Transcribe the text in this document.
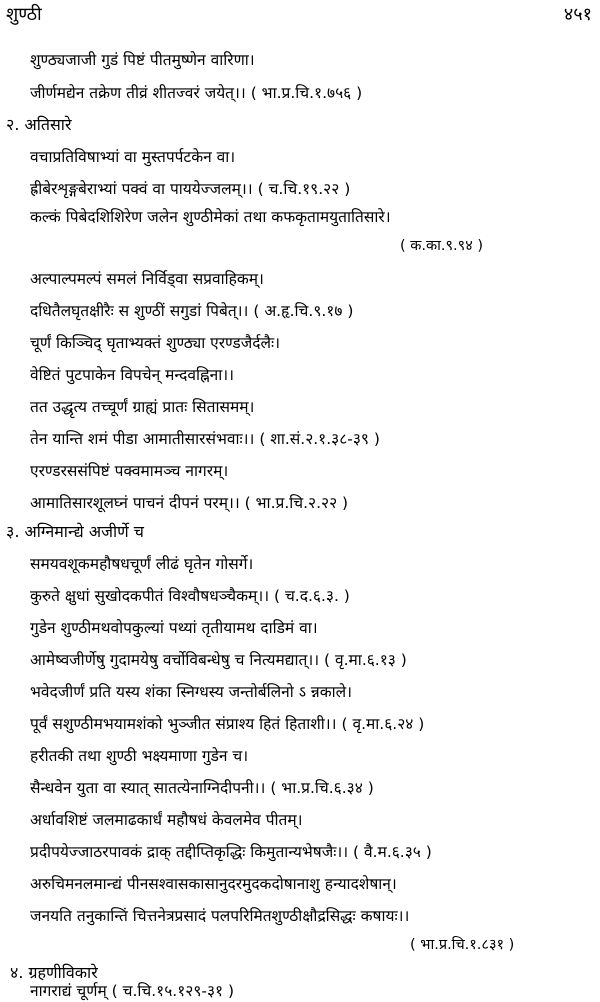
शुण्ठी	४५१
शुण्ठ्यजाजी गुडं पिष्टं पीतमुष्णेन वारिणा।
जीर्णमद्येन तक्रेण तीव्रं शीतज्वरं जयेत्।। ( भा.प्र.चि.१.७५६ )
२. अतिसारे
वचाप्रतिविषाभ्यां वा मुस्तपर्पटकेन वा।
ह्रीबेरशृङ्गबेराभ्यां पक्वं वा पाययेज्जलम्।। ( च.चि.१९.२२ )
कल्कं पिबेदशिशिरेण जलेन शुण्ठीमेकां तथा कफकृतामयुतातिसारे।
( क.का.९.९४ )
अल्पाल्पमल्पं समलं निर्विड्वा सप्रवाहिकम्।
दधितैलघृतक्षीरैः स शुण्ठीं सगुडां पिबेत्।। ( अ.हृ.चि.९.१७ )
चूर्णं किञ्चिद् घृताभ्यक्तं शुण्ठ्या एरण्डजैर्दलैः।
वेष्टितं पुटपाकेन विपचेन् मन्दवह्निना।।
तत उद्धृत्य तच्चूर्णं ग्राह्यं प्रातः सितासमम्।
तेन यान्ति शमं पीडा आमातीसारसंभवाः।। ( शा.सं.२.१.३८-३९ )
एरण्डरससंपिष्टं पक्वमामञ्च नागरम्।
आमातिसारशूलघ्नं पाचनं दीपनं परम्।। ( भा.प्र.चि.२.२२ )
३. अग्निमान्द्ये अजीर्णे च
समयवशूकमहौषधचूर्णं लीढं घृतेन गोसर्गे।
कुरुते क्षुधां सुखोदकपीतं विश्वौषधञ्चैकम्।। ( च.द.६.३. )
गुडेन शुण्ठीमथवोपकुल्यां पथ्यां तृतीयामथ दाडिमं वा।
आमेष्वजीर्णेषु गुदामयेषु वर्चोविबन्धेषु च नित्यमद्यात्।। ( वृ.मा.६.१३ )
भवेदजीर्णं प्रति यस्य शंका स्निग्धस्य जन्तोर्बलिनो ऽ न्नकाले।
पूर्वं सशुण्ठीमभयामशंको भुञ्जीत संप्राश्य हितं हिताशी।। ( वृ.मा.६.२४ )
हरीतकी तथा शुण्ठी भक्ष्यमाणा गुडेन च।
सैन्धवेन युता वा स्यात् सातत्येनाग्निदीपनी।। ( भा.प्र.चि.६.३४ )
अर्धावशिष्टं जलमाढकार्धं महौषधं केवलमेव पीतम्।
प्रदीपयेज्जाठरपावकं द्राक् तद्दीप्तिकृद्धिः किमुतान्यभेषजैः।। ( वै.म.६.३५ )
अरुचिमनलमान्द्यं पीनसश्वासकासानुदरमुदकदोषानाशु हन्यादशेषान्।
जनयति तनुकान्तिं चित्तनेत्रप्रसादं पलपरिमितशुण्ठीक्षौद्रसिद्धः कषायः।।
( भा.प्र.चि.१.८३१ )
४. ग्रहणीविकारे
नागराद्यं चूर्णम् ( च.चि.१५.१२९-३१ )
